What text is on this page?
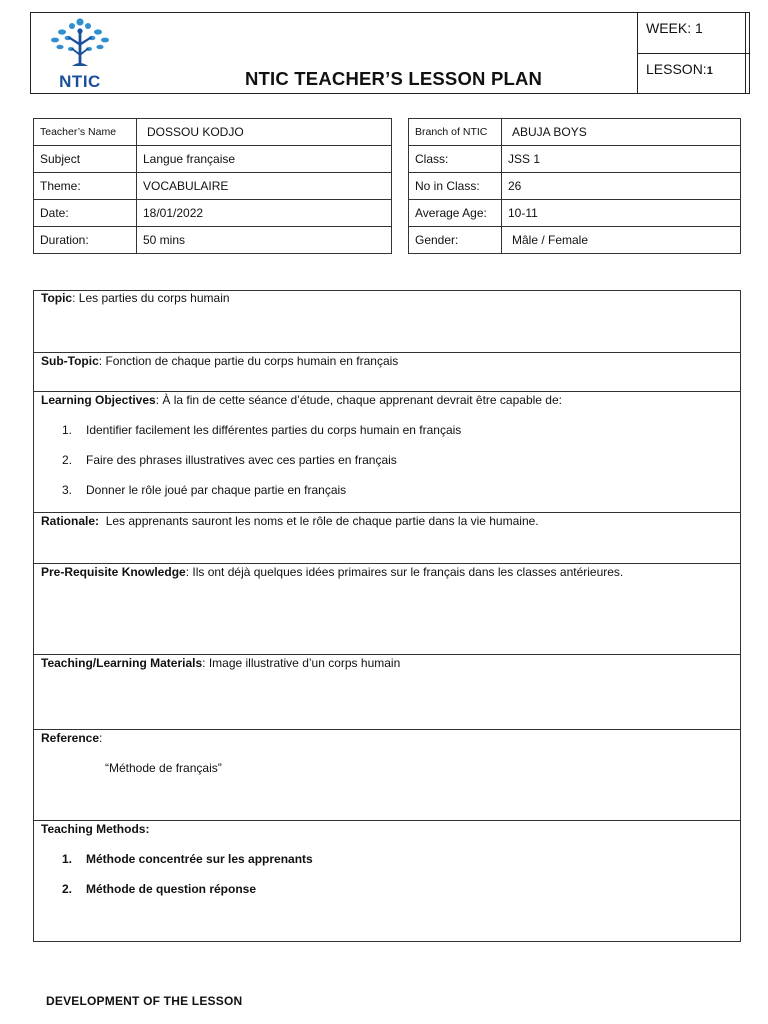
NTIC	NTIC TEACHER’S LESSON PLAN
WEEK: 1
LESSON:1
Teacher’s Name	DOSSOU KODJO
Subject	Langue française
Theme:	VOCABULAIRE
Date:	18/01/2022
Duration:	50 mins
Branch of NTIC	ABUJA BOYS
Class:	JSS 1
No in Class:	26
Average Age:	10-11
Gender:	Mâle / Female
Topic: Les parties du corps humain
Sub-Topic: Fonction de chaque partie du corps humain en français
Learning Objectives: À la fin de cette séance d’étude, chaque apprenant devrait être capable de:
1. Identifier facilement les différentes parties du corps humain en français
2. Faire des phrases illustratives avec ces parties en français
3. Donner le rôle joué par chaque partie en français
Rationale: Les apprenants sauront les noms et le rôle de chaque partie dans la vie humaine.
Pre-Requisite Knowledge: Ils ont déjà quelques idées primaires sur le français dans les classes antérieures.
Teaching/Learning Materials: Image illustrative d’un corps humain
Reference:
“Méthode de français”
Teaching Methods:
1. Méthode concentrée sur les apprenants
2. Méthode de question réponse
DEVELOPMENT OF THE LESSON
